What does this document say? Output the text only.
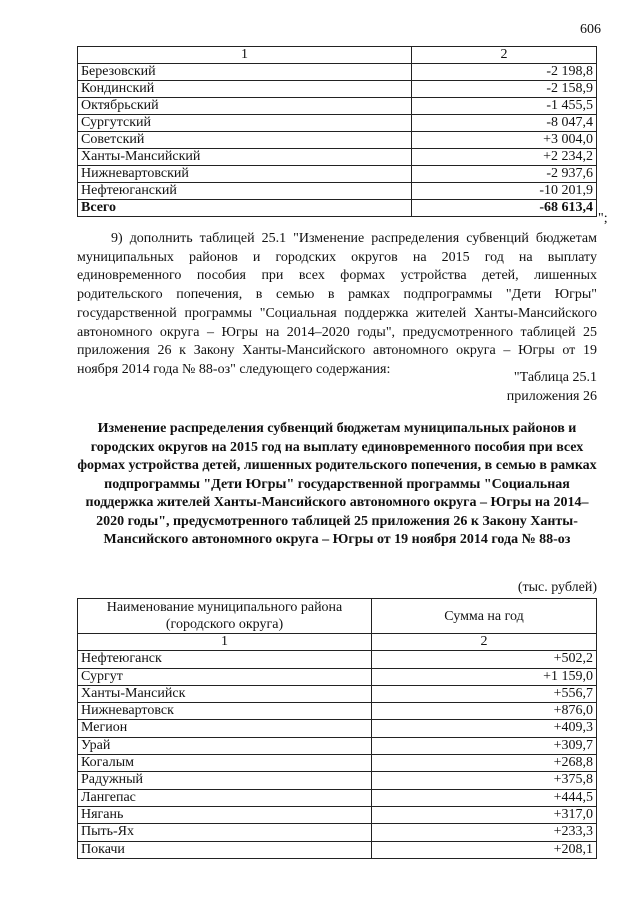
606
1	2
Березовский	-2 198,8
Кондинский	-2 158,9
Октябрьский	-1 455,5
Сургутский	-8 047,4
Советский	+3 004,0
Ханты-Мансийский	+2 234,2
Нижневартовский	-2 937,6
Нефтеюганский	-10 201,9
Всего	-68 613,4
";
9) дополнить таблицей 25.1 "Изменение распределения субвенций бюджетам муниципальных районов и городских округов на 2015 год на выплату единовременного пособия при всех формах устройства детей, лишенных родительского попечения, в семью в рамках подпрограммы "Дети Югры" государственной программы "Социальная поддержка жителей Ханты-Мансийского автономного округа – Югры на 2014–2020 годы", предусмотренного таблицей 25 приложения 26 к Закону Ханты-Мансийского автономного округа – Югры от 19 ноября 2014 года № 88-оз" следующего содержания:
"Таблица 25.1
приложения 26
Изменение распределения субвенций бюджетам муниципальных районов и городских округов на 2015 год на выплату единовременного пособия при всех формах устройства детей, лишенных родительского попечения, в семью в рамках подпрограммы "Дети Югры" государственной программы "Социальная поддержка жителей Ханты-Мансийского автономного округа – Югры на 2014–2020 годы", предусмотренного таблицей 25 приложения 26 к Закону Ханты-Мансийского автономного округа – Югры от 19 ноября 2014 года № 88-оз
(тыс. рублей)
Наименование муниципального района (городского округа)	Сумма на год
1	2
Нефтеюганск	+502,2
Сургут	+1 159,0
Ханты-Мансийск	+556,7
Нижневартовск	+876,0
Мегион	+409,3
Урай	+309,7
Когалым	+268,8
Радужный	+375,8
Лангепас	+444,5
Нягань	+317,0
Пыть-Ях	+233,3
Покачи	+208,1
